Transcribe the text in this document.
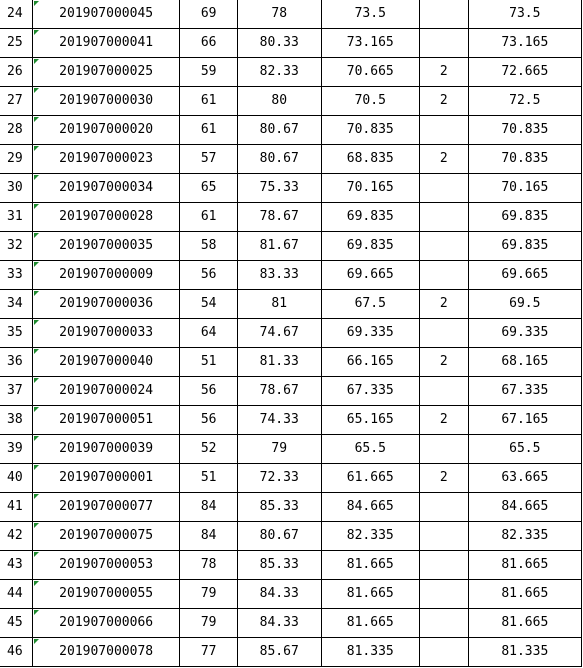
24	201907000045	69	78	73.5		73.5
25	201907000041	66	80.33	73.165		73.165
26	201907000025	59	82.33	70.665	2	72.665
27	201907000030	61	80	70.5	2	72.5
28	201907000020	61	80.67	70.835		70.835
29	201907000023	57	80.67	68.835	2	70.835
30	201907000034	65	75.33	70.165		70.165
31	201907000028	61	78.67	69.835		69.835
32	201907000035	58	81.67	69.835		69.835
33	201907000009	56	83.33	69.665		69.665
34	201907000036	54	81	67.5	2	69.5
35	201907000033	64	74.67	69.335		69.335
36	201907000040	51	81.33	66.165	2	68.165
37	201907000024	56	78.67	67.335		67.335
38	201907000051	56	74.33	65.165	2	67.165
39	201907000039	52	79	65.5		65.5
40	201907000001	51	72.33	61.665	2	63.665
41	201907000077	84	85.33	84.665		84.665
42	201907000075	84	80.67	82.335		82.335
43	201907000053	78	85.33	81.665		81.665
44	201907000055	79	84.33	81.665		81.665
45	201907000066	79	84.33	81.665		81.665
46	201907000078	77	85.67	81.335		81.335
